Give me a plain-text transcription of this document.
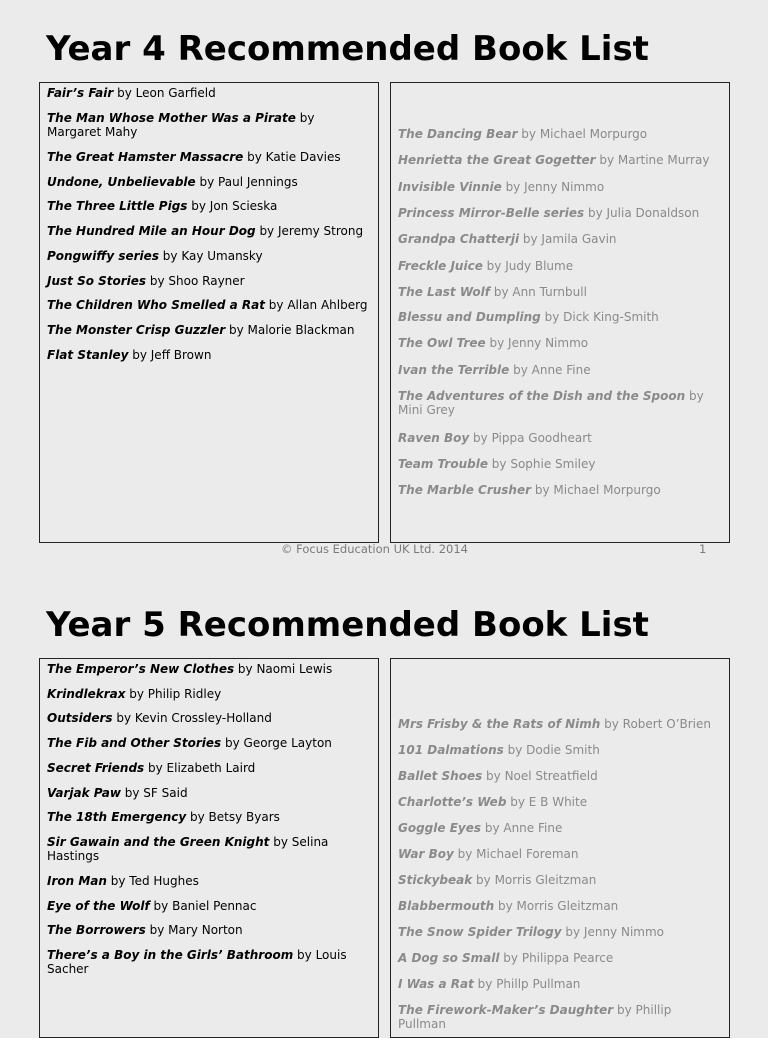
Year 4 Recommended Book List

Fair’s Fair by Leon Garfield

The Man Whose Mother Was a Pirate by Margaret Mahy

The Great Hamster Massacre by Katie Davies

Undone, Unbelievable by Paul Jennings

The Three Little Pigs by Jon Scieska

The Hundred Mile an Hour Dog by Jeremy Strong

Pongwiffy series by Kay Umansky

Just So Stories by Shoo Rayner

The Children Who Smelled a Rat by Allan Ahlberg

The Monster Crisp Guzzler by Malorie Blackman

Flat Stanley by Jeff Brown

The Dancing Bear by Michael Morpurgo

Henrietta the Great Gogetter by Martine Murray

Invisible Vinnie by Jenny Nimmo

Princess Mirror-Belle series by Julia Donaldson

Grandpa Chatterji by Jamila Gavin

Freckle Juice by Judy Blume

The Last Wolf by Ann Turnbull

Blessu and Dumpling by Dick King-Smith

The Owl Tree by Jenny Nimmo

Ivan the Terrible by Anne Fine

The Adventures of the Dish and the Spoon by Mini Grey

Raven Boy by Pippa Goodheart

Team Trouble by Sophie Smiley

The Marble Crusher by Michael Morpurgo

© Focus Education UK Ltd. 2014	1
Year 5 Recommended Book List

The Emperor’s New Clothes by Naomi Lewis

Krindlekrax by Philip Ridley

Outsiders by Kevin Crossley-Holland

The Fib and Other Stories by George Layton

Secret Friends by Elizabeth Laird

Varjak Paw by SF Said

The 18th Emergency by Betsy Byars

Sir Gawain and the Green Knight by Selina Hastings

Iron Man by Ted Hughes

Eye of the Wolf by Baniel Pennac

The Borrowers by Mary Norton

There’s a Boy in the Girls’ Bathroom by Louis Sacher

Mrs Frisby & the Rats of Nimh by Robert O’Brien

101 Dalmations by Dodie Smith

Ballet Shoes by Noel Streatfield

Charlotte’s Web by E B White

Goggle Eyes by Anne Fine

War Boy by Michael Foreman

Stickybeak by Morris Gleitzman

Blabbermouth by Morris Gleitzman

The Snow Spider Trilogy by Jenny Nimmo

A Dog so Small by Philippa Pearce

I Was a Rat by Phillp Pullman

The Firework-Maker’s Daughter by Phillip Pullman
